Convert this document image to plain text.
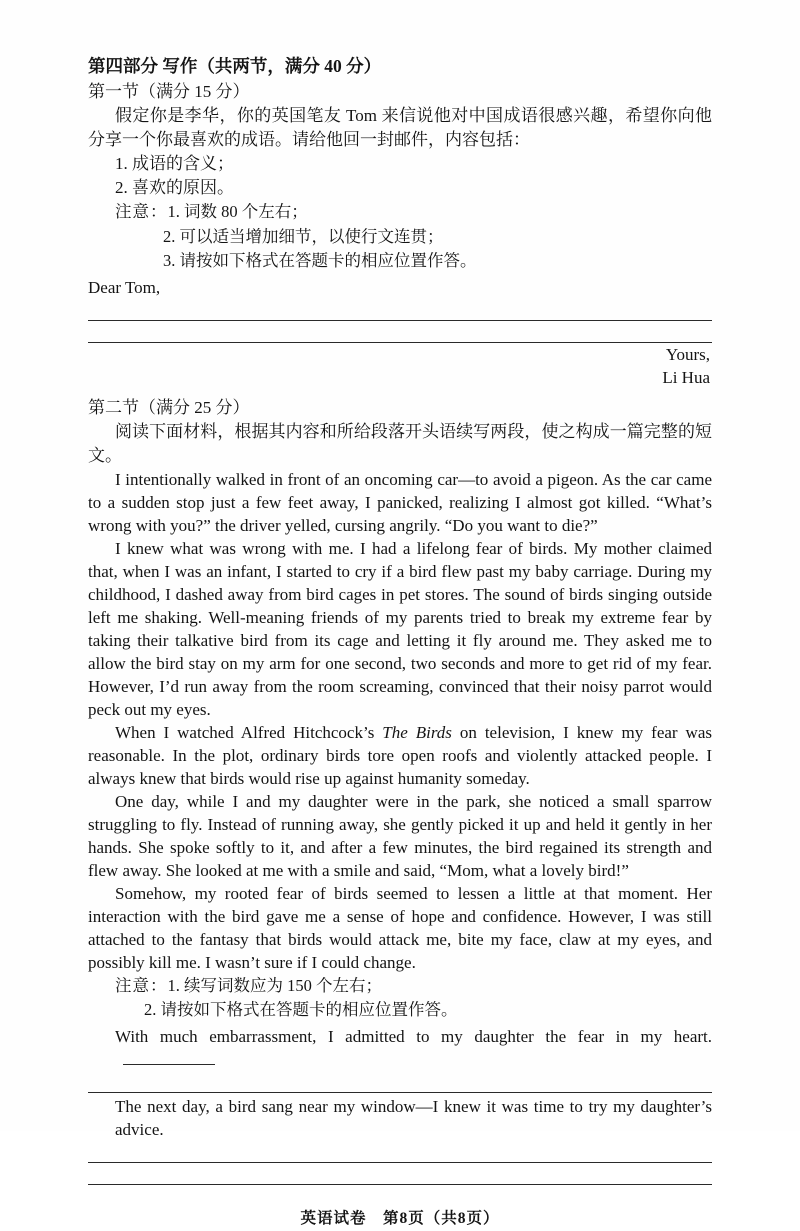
第四部分 写作（共两节，满分 40 分）
第一节（满分 15 分）

假定你是李华，你的英国笔友 Tom 来信说他对中国成语很感兴趣，希望你向他分享一个你最喜欢的成语。请给他回一封邮件，内容包括：

1. 成语的含义；

2. 喜欢的原因。

注意：1. 词数 80 个左右；
2. 可以适当增加细节，以使行文连贯；
3. 请按如下格式在答题卡的相应位置作答。

Dear Tom,

Yours,
Li Hua
第二节（满分 25 分）

阅读下面材料，根据其内容和所给段落开头语续写两段，使之构成一篇完整的短文。

I intentionally walked in front of an oncoming car—to avoid a pigeon. As the car came to a sudden stop just a few feet away, I panicked, realizing I almost got killed. “What’s wrong with you?” the driver yelled, cursing angrily. “Do you want to die?”

I knew what was wrong with me. I had a lifelong fear of birds. My mother claimed that, when I was an infant, I started to cry if a bird flew past my baby carriage. During my childhood, I dashed away from bird cages in pet stores. The sound of birds singing outside left me shaking. Well-meaning friends of my parents tried to break my extreme fear by taking their talkative bird from its cage and letting it fly around me. They asked me to allow the bird stay on my arm for one second, two seconds and more to get rid of my fear. However, I’d run away from the room screaming, convinced that their noisy parrot would peck out my eyes.

When I watched Alfred Hitchcock’s The Birds on television, I knew my fear was reasonable. In the plot, ordinary birds tore open roofs and violently attacked people. I always knew that birds would rise up against humanity someday.

One day, while I and my daughter were in the park, she noticed a small sparrow struggling to fly. Instead of running away, she gently picked it up and held it gently in her hands. She spoke softly to it, and after a few minutes, the bird regained its strength and flew away. She looked at me with a smile and said, “Mom, what a lovely bird!”

Somehow, my rooted fear of birds seemed to lessen a little at that moment. Her interaction with the bird gave me a sense of hope and confidence. However, I was still attached to the fantasy that birds would attack me, bite my face, claw at my eyes, and possibly kill me. I wasn’t sure if I could change.

注意：1. 续写词数应为 150 个左右；
2. 请按如下格式在答题卡的相应位置作答。

With much embarrassment, I admitted to my daughter the fear in my heart.

The next day, a bird sang near my window—I knew it was time to try my daughter’s advice.

英语试卷　第8页（共8页）
